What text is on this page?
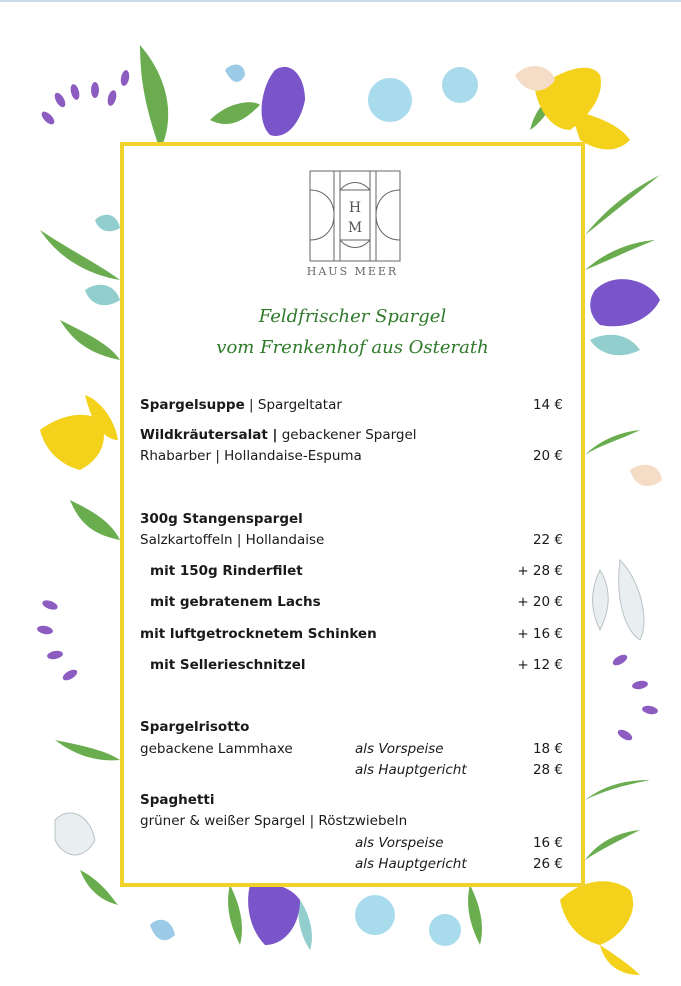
H
M
HAUS MEER
Feldfrischer Spargel
vom Frenkenhof aus Osterath
Spargelsuppe | Spargeltatar	14 €
Wildkräutersalat | gebackener Spargel
Rhabarber | Hollandaise-Espuma	20 €
300g Stangenspargel
Salzkartoffeln | Hollandaise	22 €
mit 150g Rinderfilet	+ 28 €
mit gebratenem Lachs	+ 20 €
mit luftgetrocknetem Schinken	+ 16 €
mit Sellerieschnitzel	+ 12 €
Spargelrisotto
gebackene Lammhaxe	als Vorspeise	18 €
als Hauptgericht	28 €
Spaghetti
grüner & weißer Spargel | Röstzwiebeln
als Vorspeise	16 €
als Hauptgericht	26 €
